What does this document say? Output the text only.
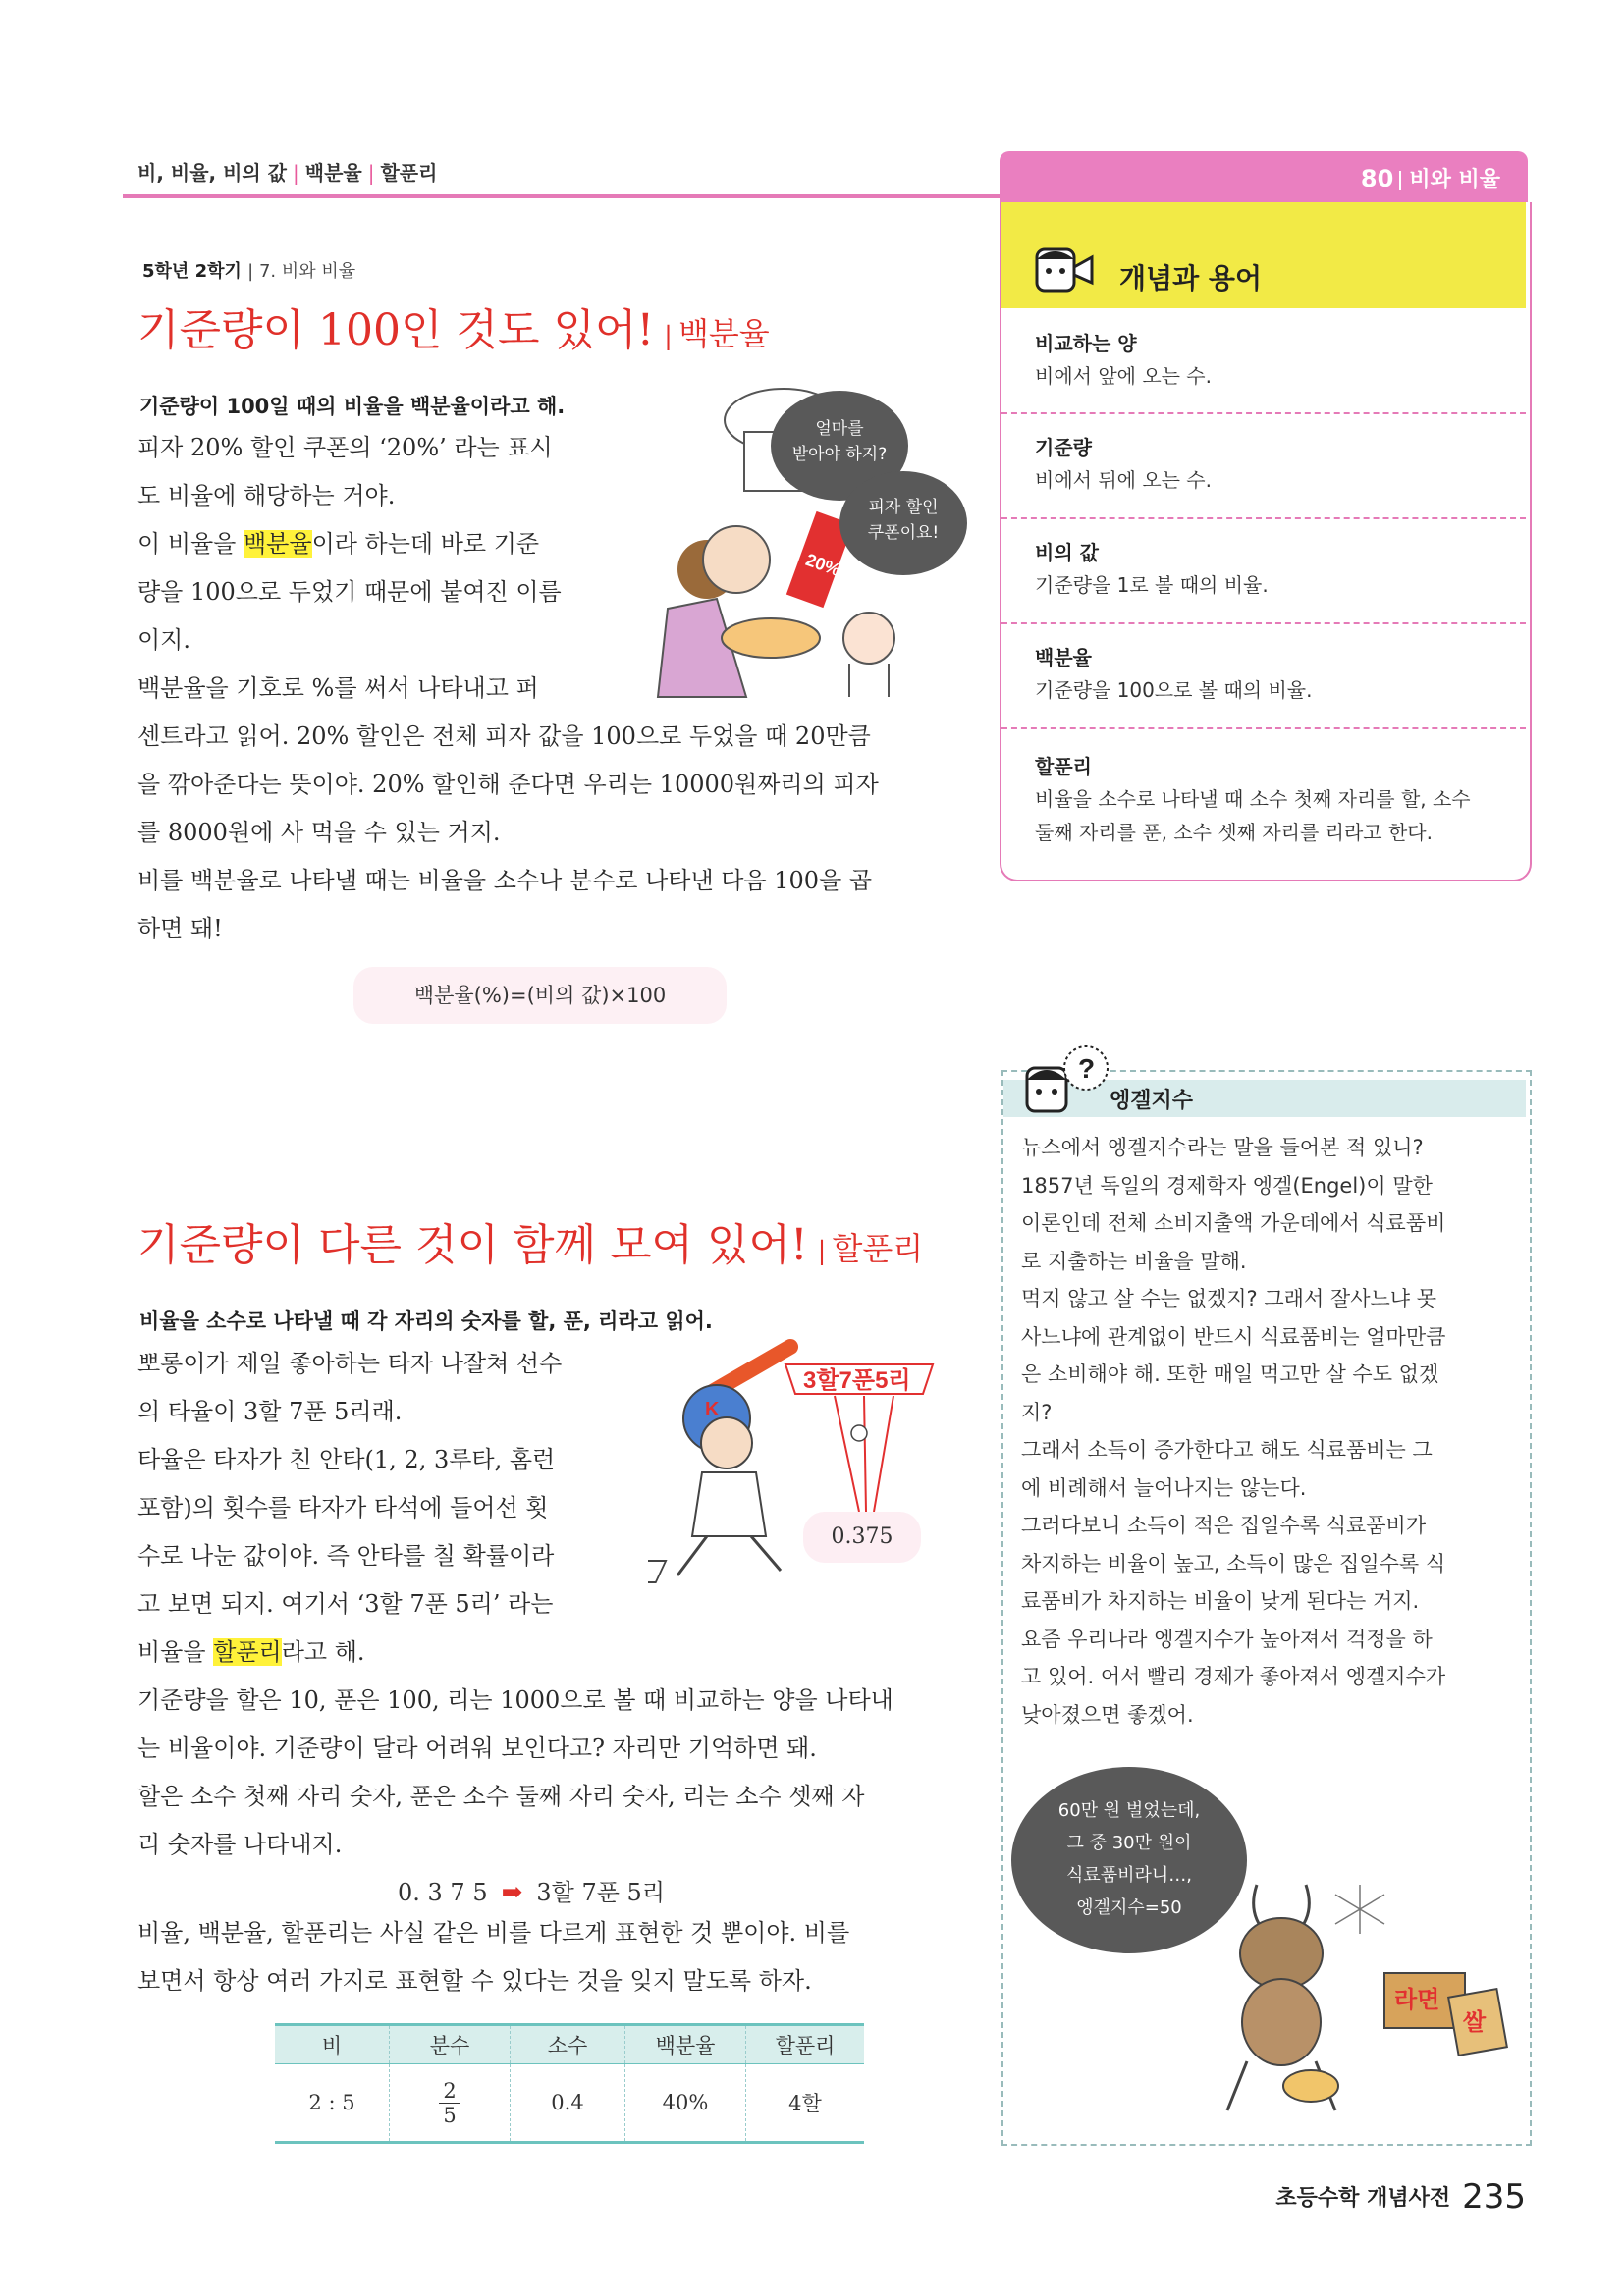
비, 비율, 비의 값 | 백분율 | 할푼리	80 비와 비율
5학년 2학기 | 7. 비와 비율
기준량이 100인 것도 있어! | 백분율
기준량이 100일 때의 비율을 백분율이라고 해.

피자 20% 할인 쿠폰의 ‘20%’ 라는 표시

도 비율에 해당하는 거야.

이 비율을 백분율이라 하는데 바로 기준

량을 100으로 두었기 때문에 붙여진 이름

이지.

백분율을 기호로 %를 써서 나타내고 퍼

센트라고 읽어. 20% 할인은 전체 피자 값을 100으로 두었을 때 20만큼

을 깎아준다는 뜻이야. 20% 할인해 준다면 우리는 10000원짜리의 피자

를 8000원에 사 먹을 수 있는 거지.

비를 백분율로 나타낼 때는 비율을 소수나 분수로 나타낸 다음 100을 곱

하면 돼!

백분율(%)=(비의 값)×100
20%
얼마를
받아야 하지?
피자 할인
쿠폰이요!
기준량이 다른 것이 함께 모여 있어! | 할푼리
비율을 소수로 나타낼 때 각 자리의 숫자를 할, 푼, 리라고 읽어.

뽀롱이가 제일 좋아하는 타자 나잘쳐 선수

의 타율이 3할 7푼 5리래.

타율은 타자가 친 안타(1, 2, 3루타, 홈런

포함)의 횟수를 타자가 타석에 들어선 횟

수로 나눈 값이야. 즉 안타를 칠 확률이라

고 보면 되지. 여기서 ‘3할 7푼 5리’ 라는

비율을 할푼리라고 해.

기준량을 할은 10, 푼은 100, 리는 1000으로 볼 때 비교하는 양을 나타내

는 비율이야. 기준량이 달라 어려워 보인다고? 자리만 기억하면 돼.

할은 소수 첫째 자리 숫자, 푼은 소수 둘째 자리 숫자, 리는 소수 셋째 자

리 숫자를 나타내지.

0. 3 7 5 ➡ 3할 7푼 5리

비율, 백분율, 할푼리는 사실 같은 비를 다르게 표현한 것 뿐이야. 비를

보면서 항상 여러 가지로 표현할 수 있다는 것을 잊지 말도록 하자.

K
3할7푼5리
0.375
비	분수	소수	백분율	할푼리
2 : 5	$\frac{2}{5}$	0.4	40%	4할
개념과 용어
비교하는 양
비에서 앞에 오는 수.
기준량
비에서 뒤에 오는 수.
비의 값
기준량을 1로 볼 때의 비율.
백분율
기준량을 100으로 볼 때의 비율.
할푼리
비율을 소수로 나타낼 때 소수 첫째 자리를 할, 소수
둘째 자리를 푼, 소수 셋째 자리를 리라고 한다.
?
엥겔지수

뉴스에서 엥겔지수라는 말을 들어본 적 있니?

1857년 독일의 경제학자 엥겔(Engel)이 말한

이론인데 전체 소비지출액 가운데에서 식료품비

로 지출하는 비율을 말해.

먹지 않고 살 수는 없겠지? 그래서 잘사느냐 못

사느냐에 관계없이 반드시 식료품비는 얼마만큼

은 소비해야 해. 또한 매일 먹고만 살 수도 없겠

지?

그래서 소득이 증가한다고 해도 식료품비는 그

에 비례해서 늘어나지는 않는다.

그러다보니 소득이 적은 집일수록 식료품비가

차지하는 비율이 높고, 소득이 많은 집일수록 식

료품비가 차지하는 비율이 낮게 된다는 거지.

요즘 우리나라 엥겔지수가 높아져서 걱정을 하

고 있어. 어서 빨리 경제가 좋아져서 엥겔지수가

낮아졌으면 좋겠어.

60만 원 벌었는데,
그 중 30만 원이
식료품비라니…,
엥겔지수=50
라면
쌀
초등수학 개념사전 235
